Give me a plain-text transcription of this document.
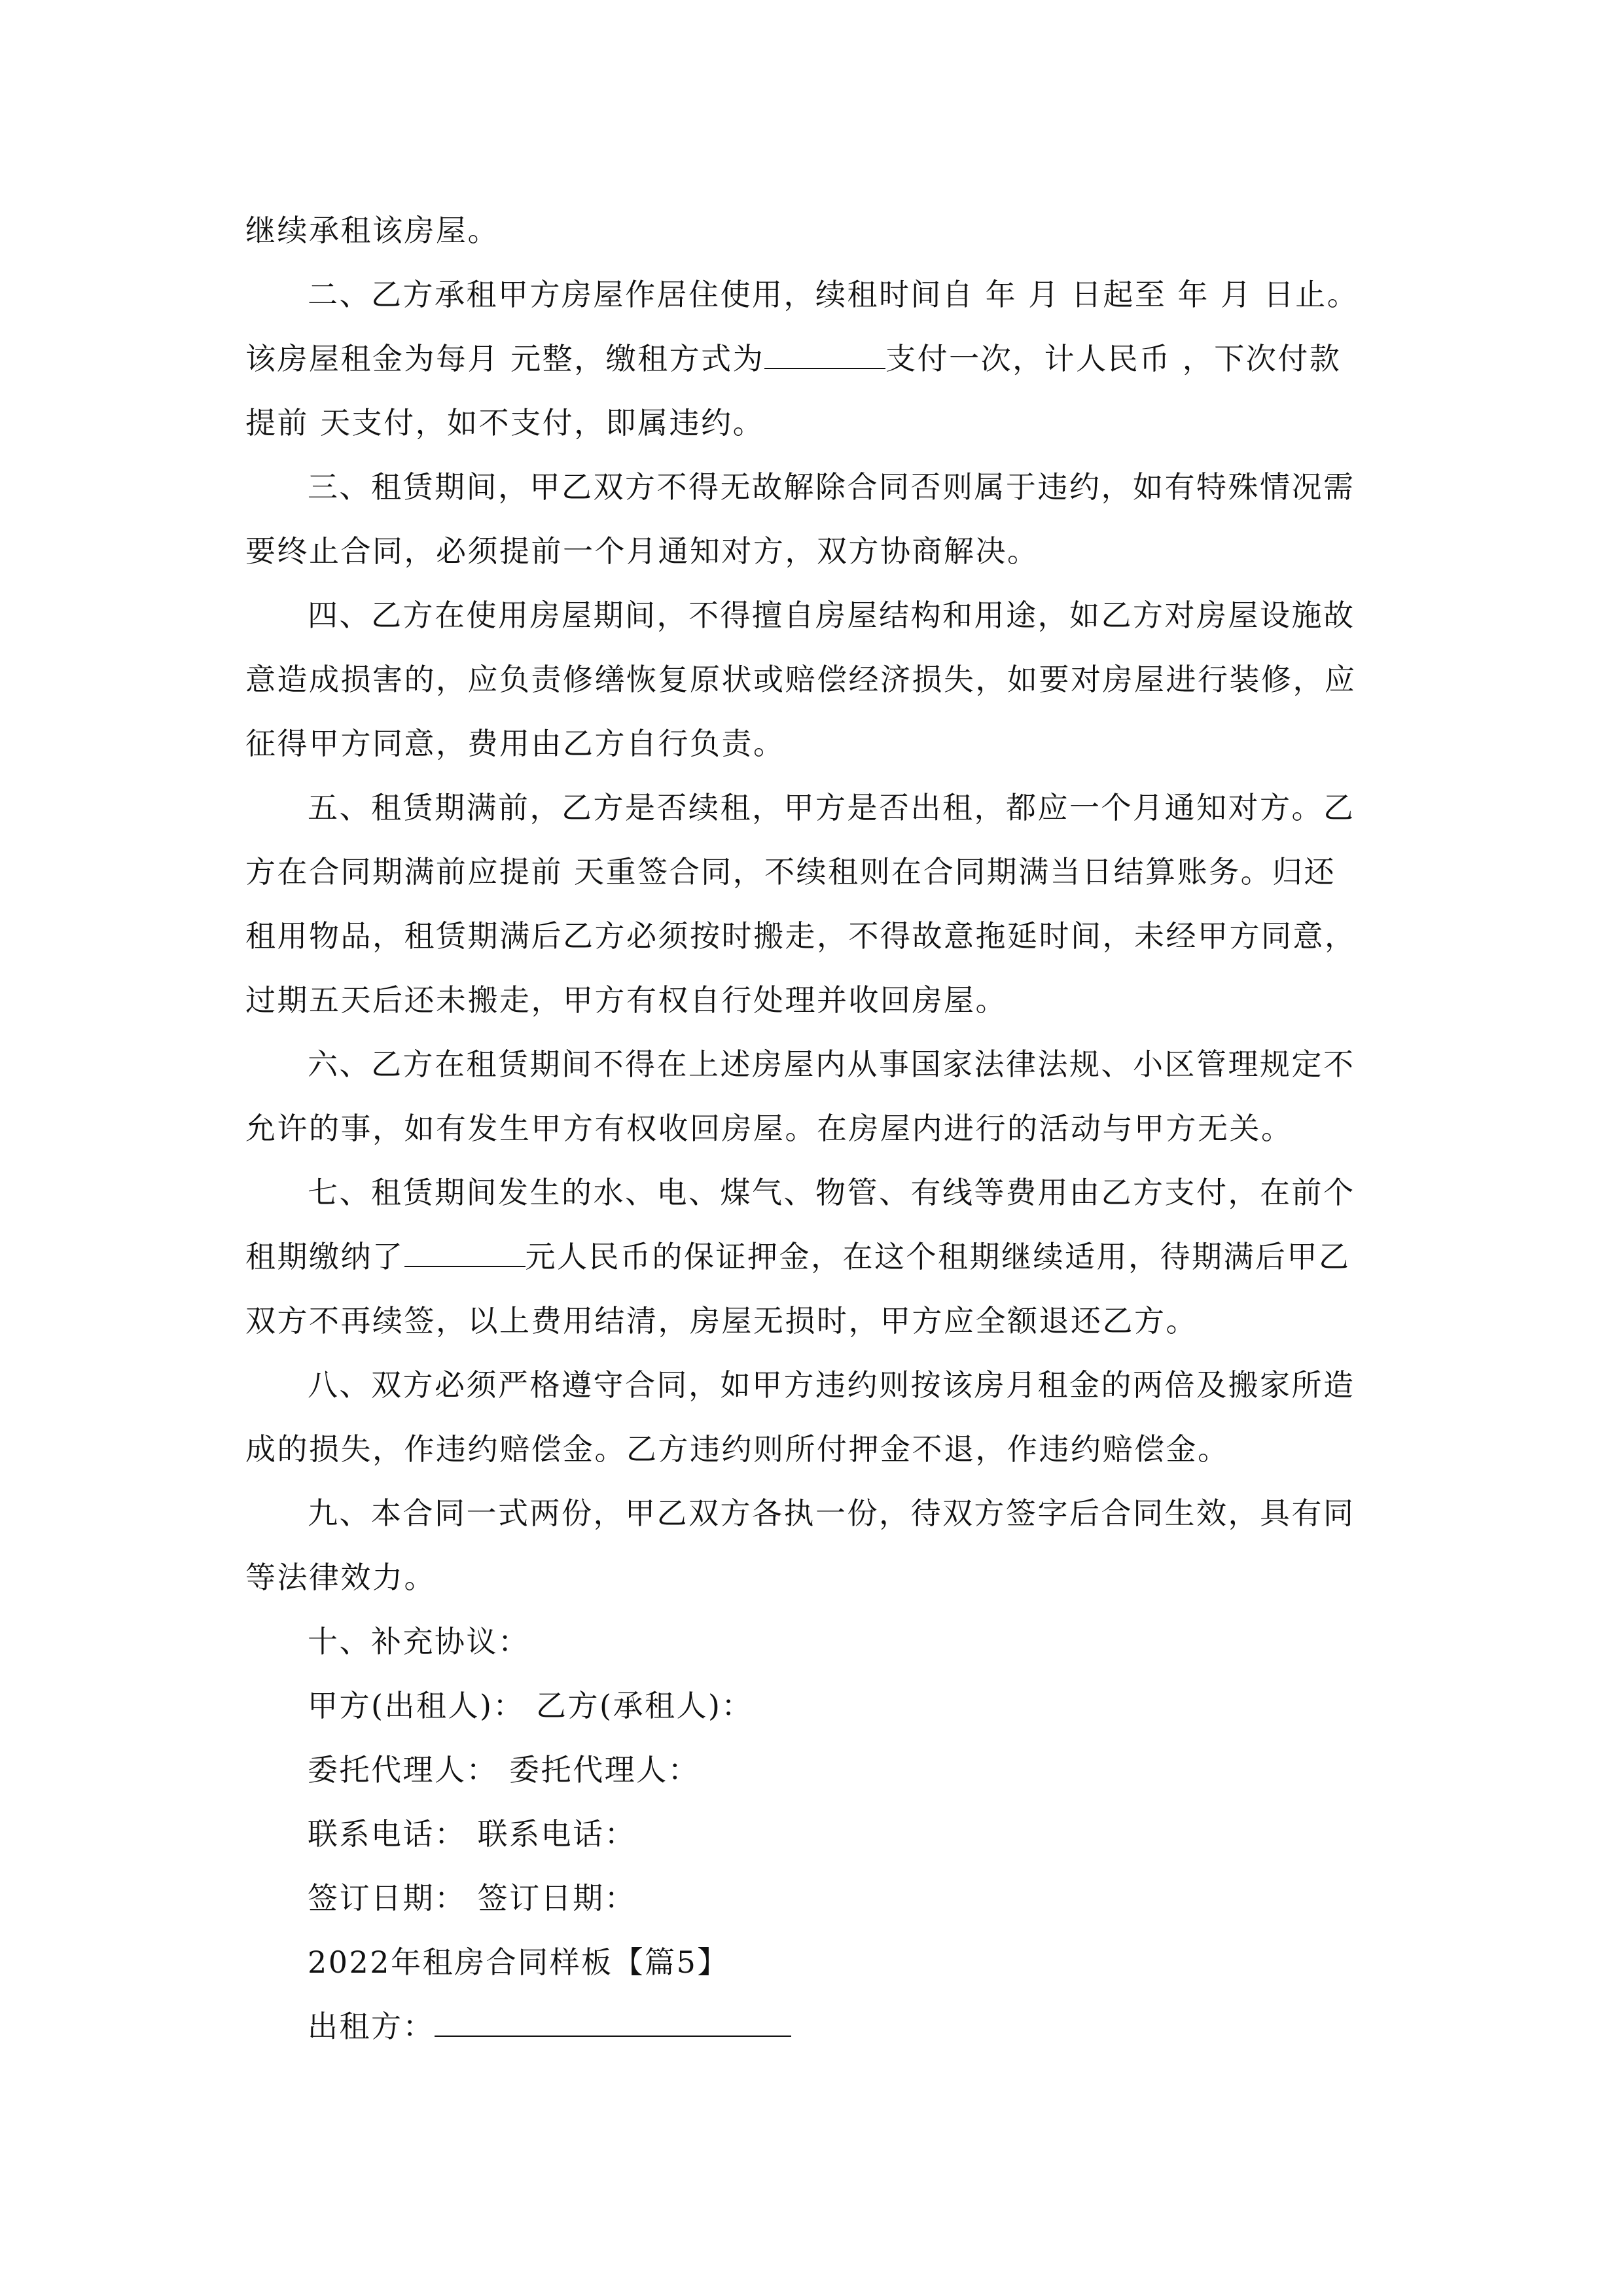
继续承租该房屋。
二、乙方承租甲方房屋作居住使用，续租时间自 年 月 日起至 年 月 日止。
该房屋租金为每月 元整，缴租方式为	支付一次，计人民币 ，下次付款
提前 天支付，如不支付，即属违约。
三、租赁期间，甲乙双方不得无故解除合同否则属于违约，如有特殊情况需
要终止合同，必须提前一个月通知对方，双方协商解决。
四、乙方在使用房屋期间，不得擅自房屋结构和用途，如乙方对房屋设施故
意造成损害的，应负责修缮恢复原状或赔偿经济损失，如要对房屋进行装修，应
征得甲方同意，费用由乙方自行负责。
五、租赁期满前，乙方是否续租，甲方是否出租，都应一个月通知对方。乙
方在合同期满前应提前 天重签合同，不续租则在合同期满当日结算账务。归还
租用物品，租赁期满后乙方必须按时搬走，不得故意拖延时间，未经甲方同意，
过期五天后还未搬走，甲方有权自行处理并收回房屋。
六、乙方在租赁期间不得在上述房屋内从事国家法律法规、小区管理规定不
允许的事，如有发生甲方有权收回房屋。在房屋内进行的活动与甲方无关。
七、租赁期间发生的水、电、煤气、物管、有线等费用由乙方支付，在前个
租期缴纳了	元人民币的保证押金，在这个租期继续适用，待期满后甲乙
双方不再续签，以上费用结清，房屋无损时，甲方应全额退还乙方。
八、双方必须严格遵守合同，如甲方违约则按该房月租金的两倍及搬家所造
成的损失，作违约赔偿金。乙方违约则所付押金不退，作违约赔偿金。
九、本合同一式两份，甲乙双方各执一份，待双方签字后合同生效，具有同
等法律效力。
十、补充协议：
甲方(出租人)： 乙方(承租人)：
委托代理人： 委托代理人：
联系电话： 联系电话：
签订日期： 签订日期：
2022年租房合同样板【篇5】
出租方：
